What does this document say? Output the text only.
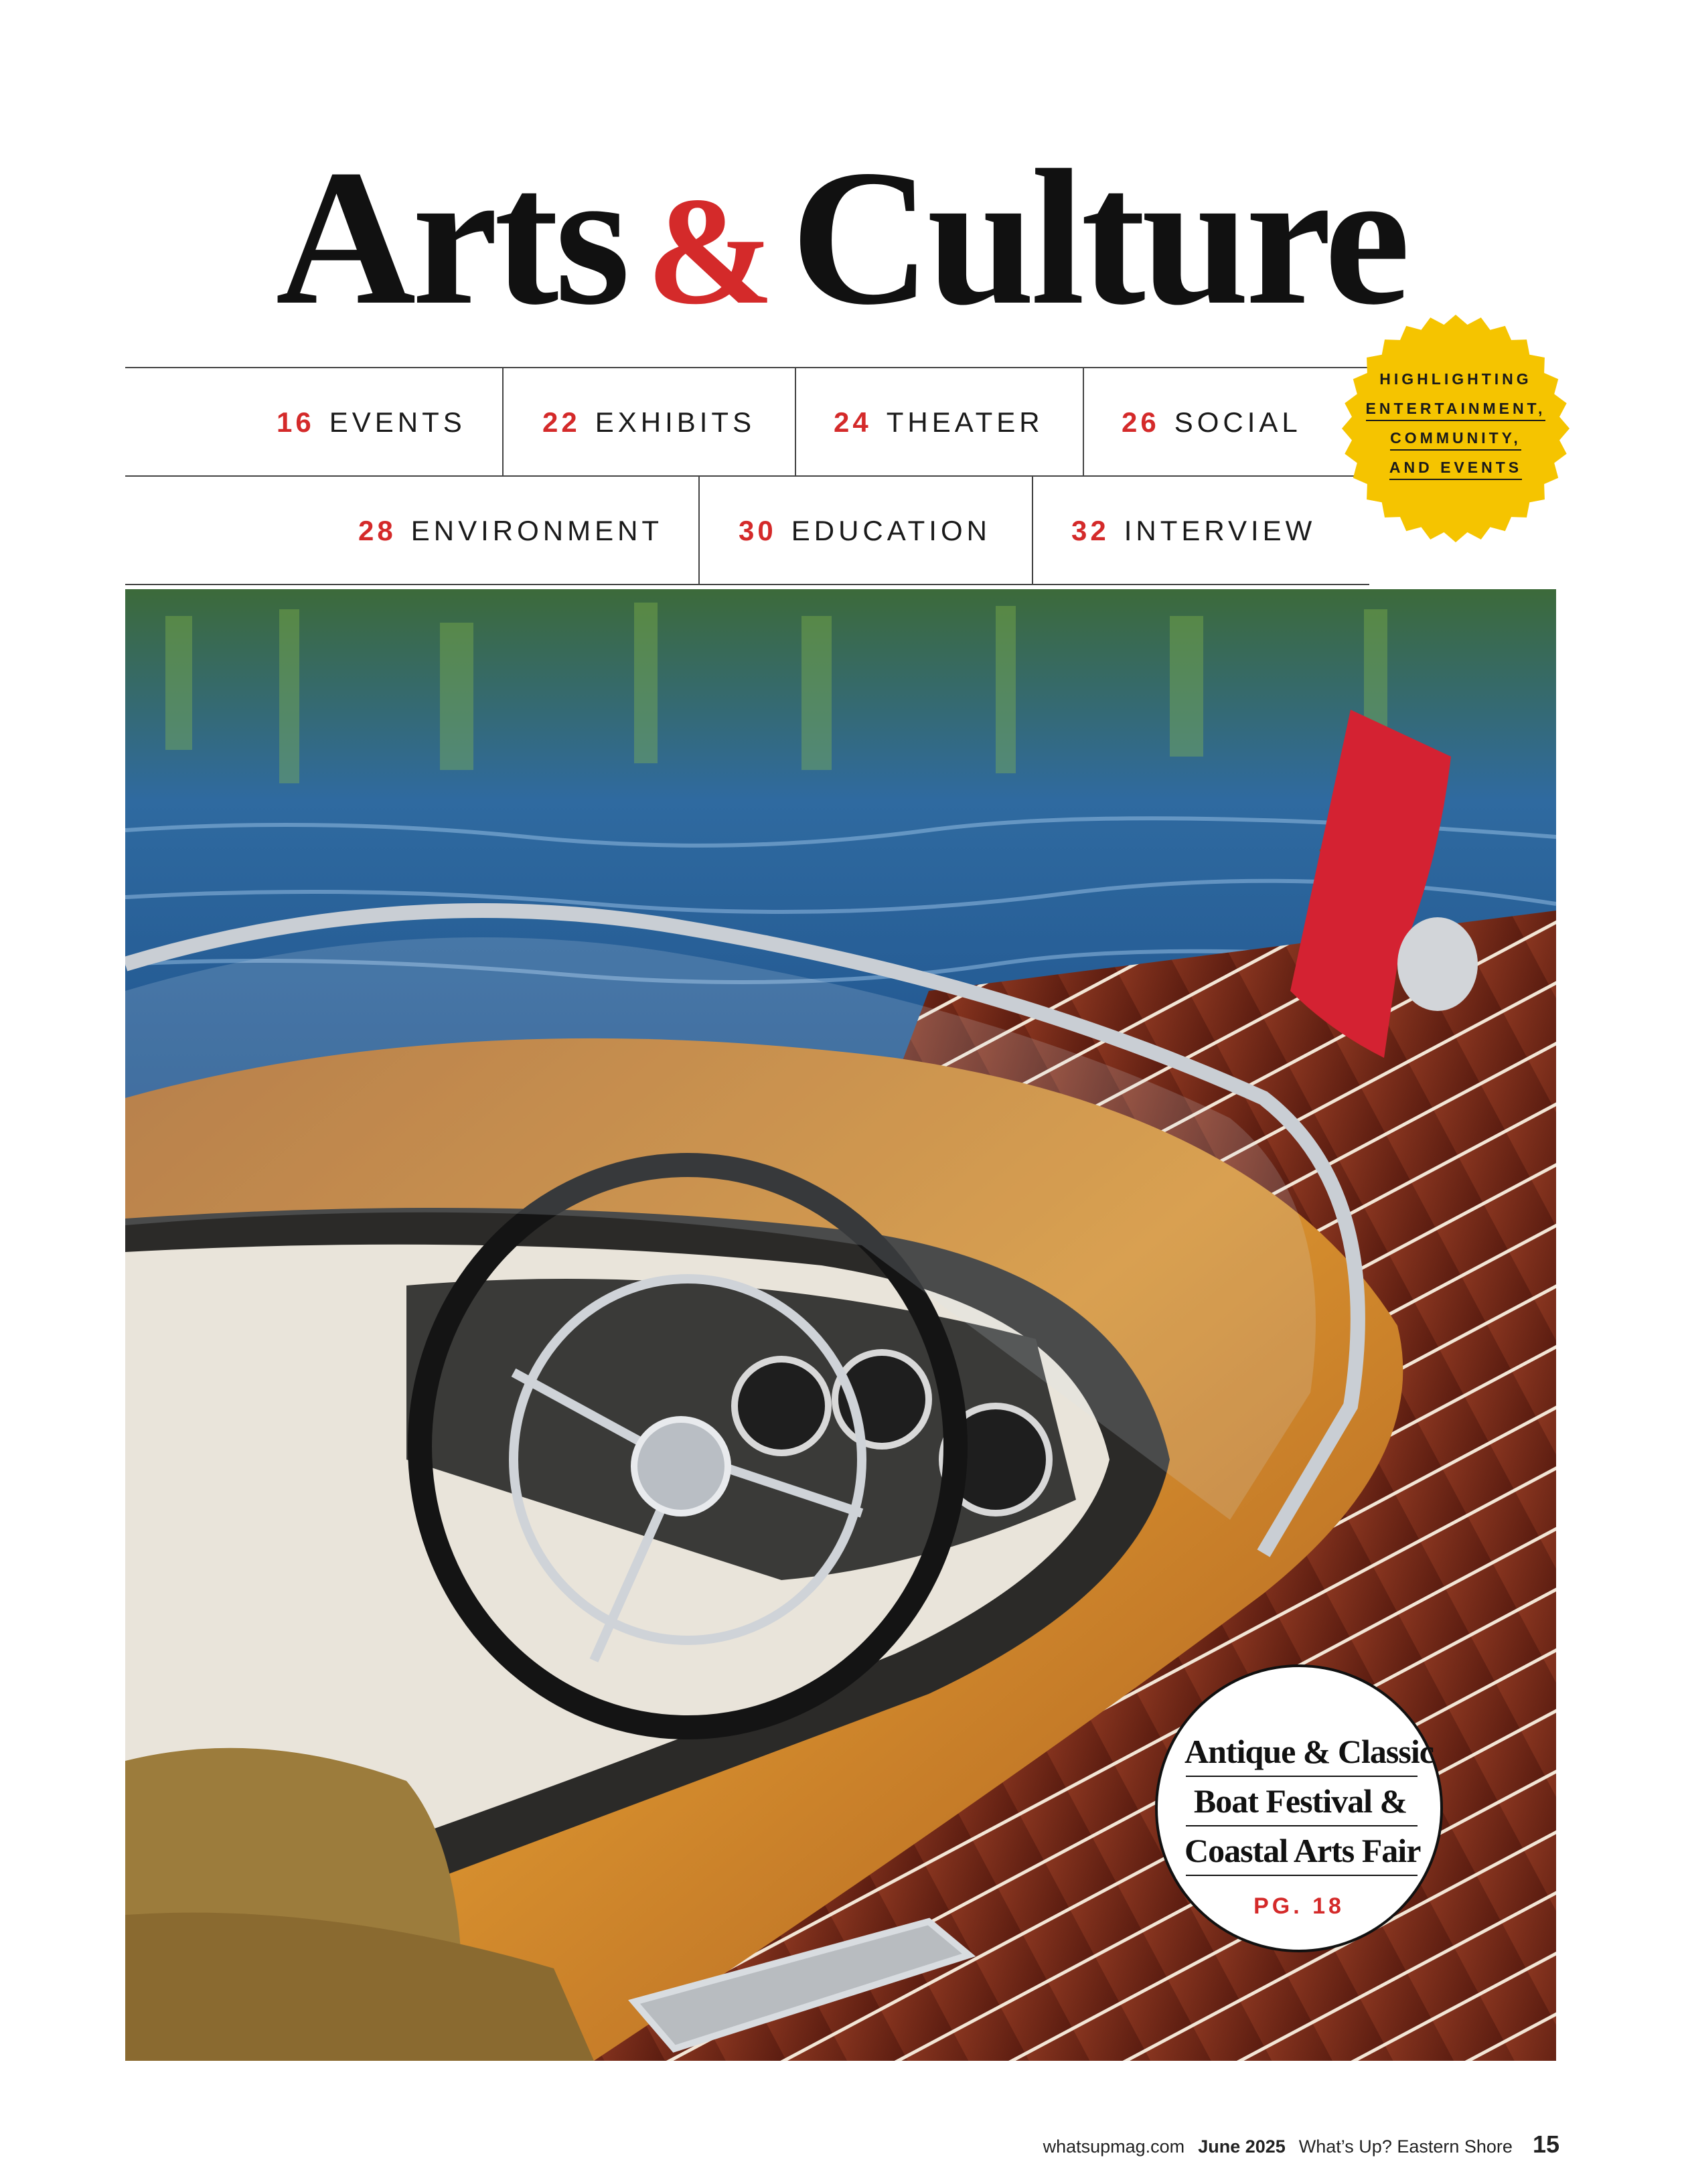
Arts & Culture
16 EVENTS	22 EXHIBITS	24 THEATER	26 SOCIAL
28 ENVIRONMENT	30 EDUCATION	32 INTERVIEW
Antique & Classic
Boat Festival &
Coastal Arts Fair
PG. 18
HIGHLIGHTING
ENTERTAINMENT,
COMMUNITY,
AND EVENTS
whatsupmag.com June 2025 What’s Up? Eastern Shore 15
